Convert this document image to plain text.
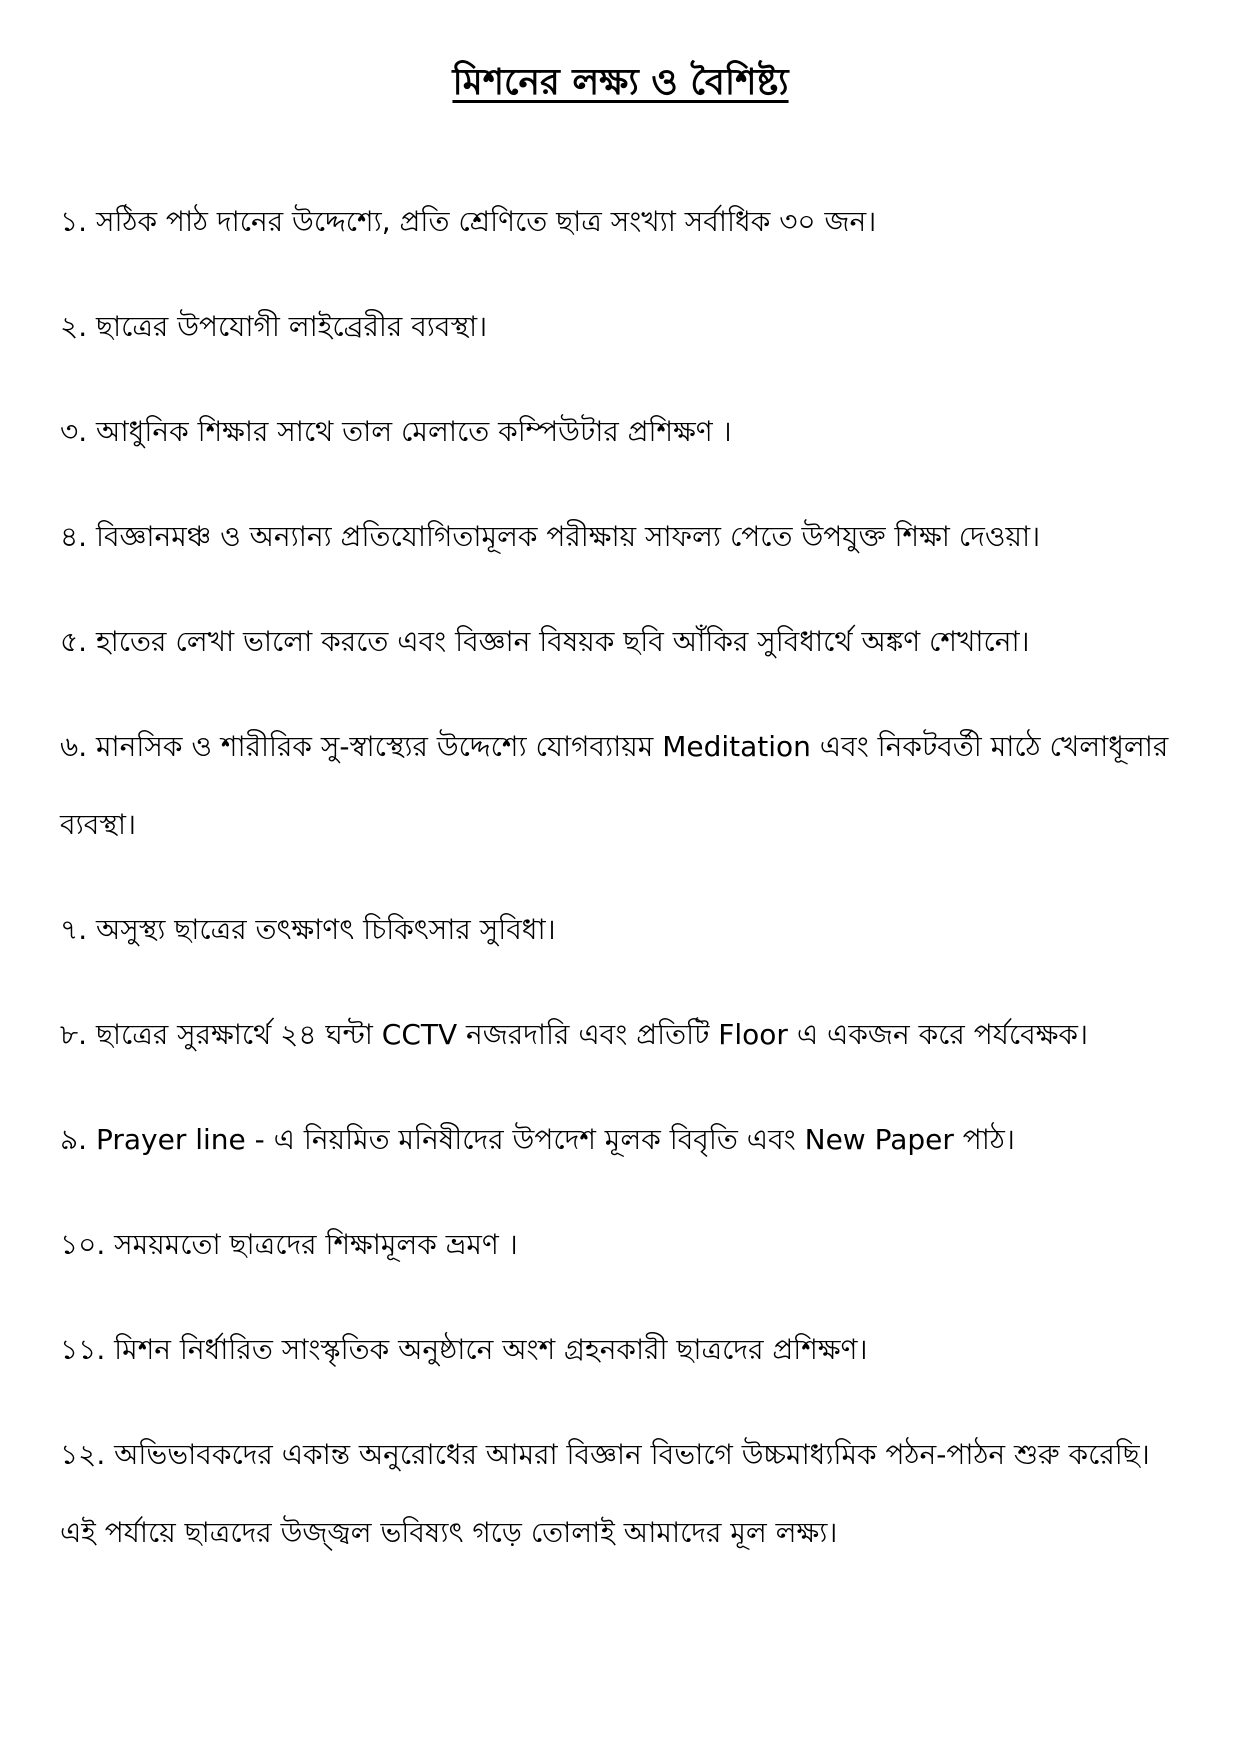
মিশনের লক্ষ্য ও বৈশিষ্ট্য
১. সঠিক পাঠ দানের উদ্দেশ্যে, প্রতি শ্রেণিতে ছাত্র সংখ্যা সর্বাধিক ৩০ জন।
২. ছাত্রের উপযোগী লাইব্রেরীর ব্যবস্থা।
৩. আধুনিক শিক্ষার সাথে তাল মেলাতে কম্পিউটার প্রশিক্ষণ ।
৪. বিজ্ঞানমঞ্চ ও অন্যান্য প্রতিযোগিতামূলক পরীক্ষায় সাফল্য পেতে উপযুক্ত শিক্ষা দেওয়া।
৫. হাতের লেখা ভালো করতে এবং বিজ্ঞান বিষয়ক ছবি আঁকির সুবিধার্থে অঙ্কণ শেখানো।
৬. মানসিক ও শারীরিক সু-স্বাস্থ্যের উদ্দেশ্যে যোগব্যায়ম Meditation এবং নিকটবর্তী মাঠে খেলাধূলার ব্যবস্থা।
৭. অসুস্থ্য ছাত্রের তৎক্ষাণৎ চিকিৎসার সুবিধা।
৮. ছাত্রের সুরক্ষার্থে ২৪ ঘন্টা CCTV নজরদারি এবং প্রতিটি Floor এ একজন করে পর্যবেক্ষক।
৯. Prayer line - এ নিয়মিত মনিষীদের উপদেশ মূলক বিবৃতি এবং New Paper পাঠ।
১০. সময়মতো ছাত্রদের শিক্ষামূলক ভ্রমণ ।
১১. মিশন নির্ধারিত সাংস্কৃতিক অনুষ্ঠানে অংশ গ্রহনকারী ছাত্রদের প্রশিক্ষণ।
১২. অভিভাবকদের একান্ত অনুরোধের আমরা বিজ্ঞান বিভাগে উচ্চমাধ্যমিক পঠন-পাঠন শুরু করেছি। এই পর্যায়ে ছাত্রদের উজ্জ্বল ভবিষ্যৎ গড়ে তোলাই আমাদের মূল লক্ষ্য।
